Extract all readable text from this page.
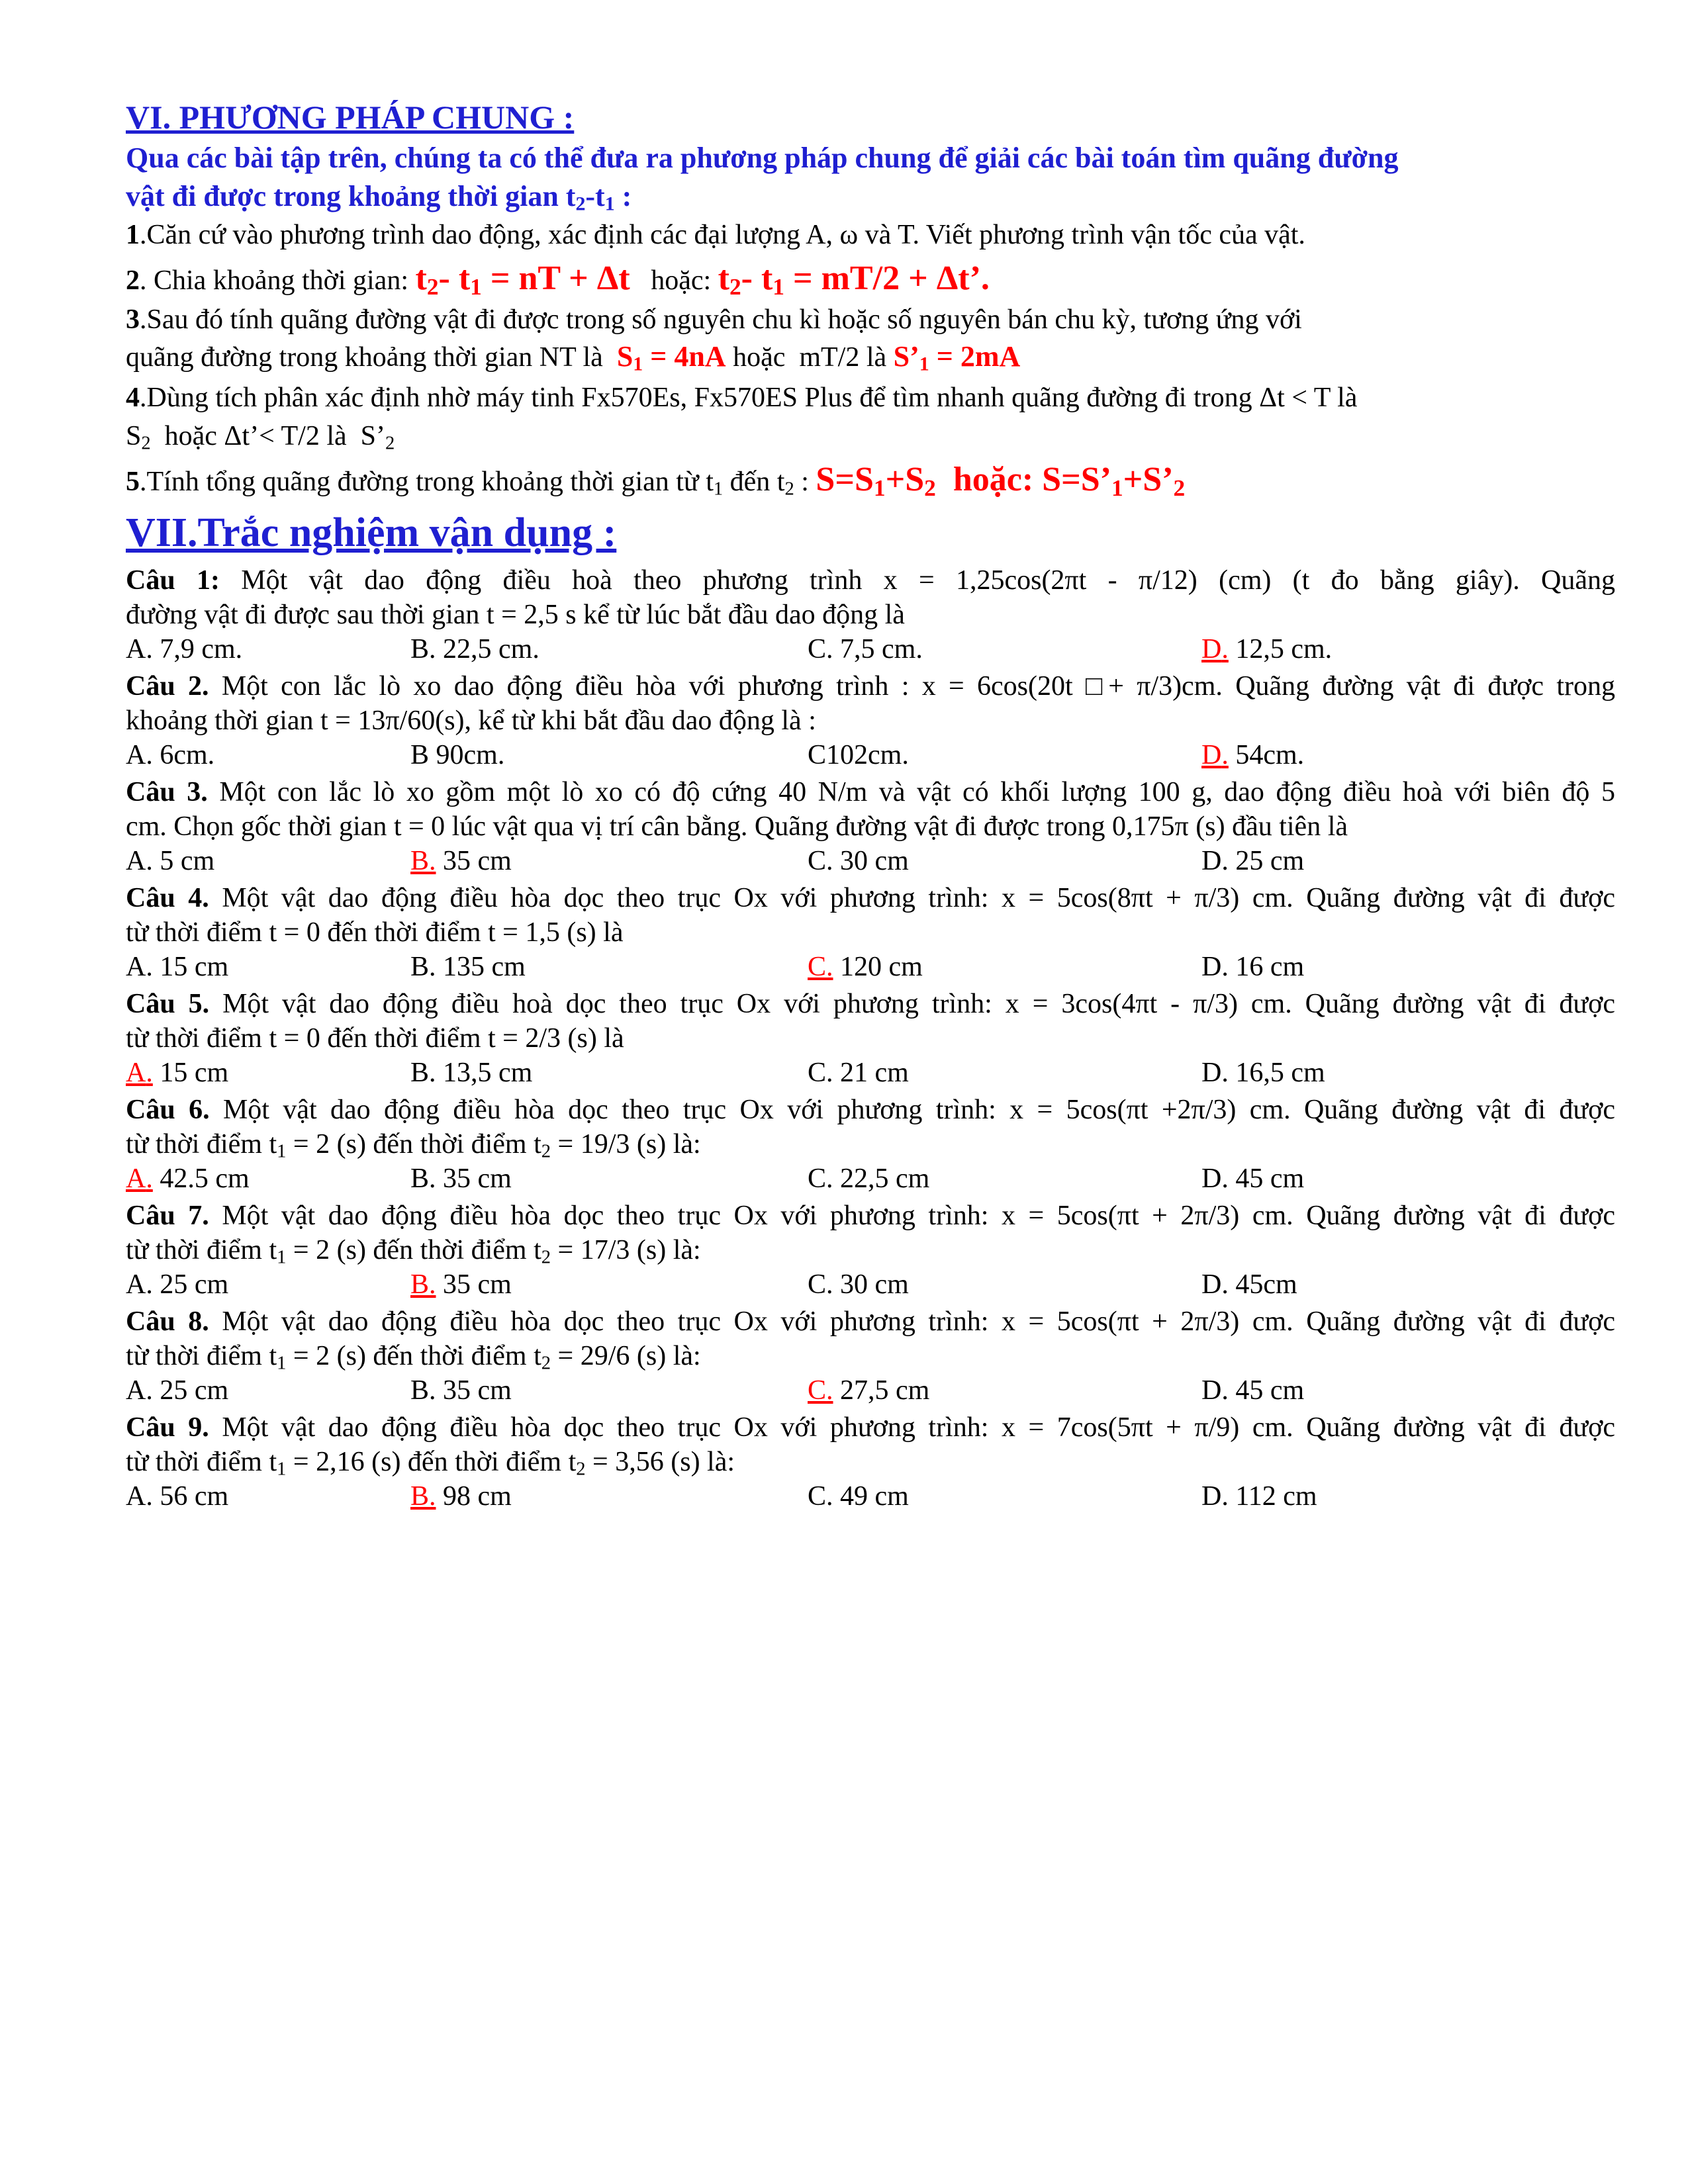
VI. PHƯƠNG PHÁP CHUNG :
Qua các bài tập trên, chúng ta có thể đưa ra phương pháp chung để giải các bài toán tìm quãng đường
vật đi được trong khoảng thời gian $t_2-t_1$ :
1.Căn cứ vào phương trình dao động, xác định các đại lượng A, ω và T. Viết phương trình vận tốc của vật.
2. Chia khoảng thời gian: $t_2-$ $t_1$ = nT + Δt   hoặc: $t_2-$ $t_1 = mT/2 + \Delta t$’.
3.Sau đó tính quãng đường vật đi được trong số nguyên chu kì hoặc số nguyên bán chu kỳ, tương ứng với
quãng đường trong khoảng thời gian NT là  $S_1 = 4nA$ hoặc  mT/2 là $S’_1 = 2mA$
4.Dùng tích phân xác định nhờ máy tinh Fx570Es, Fx570ES Plus để tìm nhanh quãng đường đi trong Δt < T là
$S_2$  hoặc Δt’< T/2 là  $S’_2$
5.Tính tổng quãng đường trong khoảng thời gian từ $t_1$ đến $t_2$ : $S=S_1+S_2$  hoặc: $S=S’_1+S’_2$
VII.Trắc nghiệm vận dụng :
Câu 1: Một vật dao động điều hoà theo phương trình x = 1,25cos(2πt - π/12) (cm) (t đo bằng giây). Quãng
đường vật đi được sau thời gian t = 2,5 s kể từ lúc bắt đầu dao động là
A. 7,9 cm.	B. 22,5 cm.	C. 7,5 cm.	D. 12,5 cm.
Câu 2. Một con lắc lò xo dao động điều hòa với phương trình : x = 6cos(20t □+ π/3)cm. Quãng đường vật đi được trong
khoảng thời gian t = 13π/60(s), kể từ khi bắt đầu dao động là :
A. 6cm.	B 90cm.	C102cm.	D. 54cm.
Câu 3. Một con lắc lò xo gồm một lò xo có độ cứng 40 N/m và vật có khối lượng 100 g, dao động điều hoà với biên độ 5
cm. Chọn gốc thời gian t = 0 lúc vật qua vị trí cân bằng. Quãng đường vật đi được trong 0,175π (s) đầu tiên là
A. 5 cm	B. 35 cm	C. 30 cm	D. 25 cm
Câu 4. Một vật dao động điều hòa dọc theo trục Ox với phương trình: x = 5cos(8πt + π/3) cm. Quãng đường vật đi được
từ thời điểm t = 0 đến thời điểm t = 1,5 (s) là
A. 15 cm	B. 135 cm	C. 120 cm	D. 16 cm
Câu 5. Một vật dao động điều hoà dọc theo trục Ox với phương trình: x = 3cos(4πt - π/3) cm. Quãng đường vật đi được
từ thời điểm t = 0 đến thời điểm t = 2/3 (s) là
A. 15 cm	B. 13,5 cm	C. 21 cm	D. 16,5 cm
Câu 6. Một vật dao động điều hòa dọc theo trục Ox với phương trình: x = 5cos(πt +2π/3) cm. Quãng đường vật đi được
từ thời điểm $t_1 = 2$ (s) đến thời điểm $t_2 = 19/3$ (s) là:
A. 42.5 cm	B. 35 cm	C. 22,5 cm	D. 45 cm
Câu 7. Một vật dao động điều hòa dọc theo trục Ox với phương trình: x = 5cos(πt + 2π/3) cm. Quãng đường vật đi được
từ thời điểm $t_1 = 2$ (s) đến thời điểm $t_2 = 17/3$ (s) là:
A. 25 cm	B. 35 cm	C. 30 cm	D. 45cm
Câu 8. Một vật dao động điều hòa dọc theo trục Ox với phương trình: x = 5cos(πt + 2π/3) cm. Quãng đường vật đi được
từ thời điểm $t_1 = 2$ (s) đến thời điểm $t_2 = 29/6$ (s) là:
A. 25 cm	B. 35 cm	C. 27,5 cm	D. 45 cm
Câu 9. Một vật dao động điều hòa dọc theo trục Ox với phương trình: x = 7cos(5πt + π/9) cm. Quãng đường vật đi được
từ thời điểm $t_1 = 2,16$ (s) đến thời điểm $t_2 = 3,56$ (s) là:
A. 56 cm	B. 98 cm	C. 49 cm	D. 112 cm
